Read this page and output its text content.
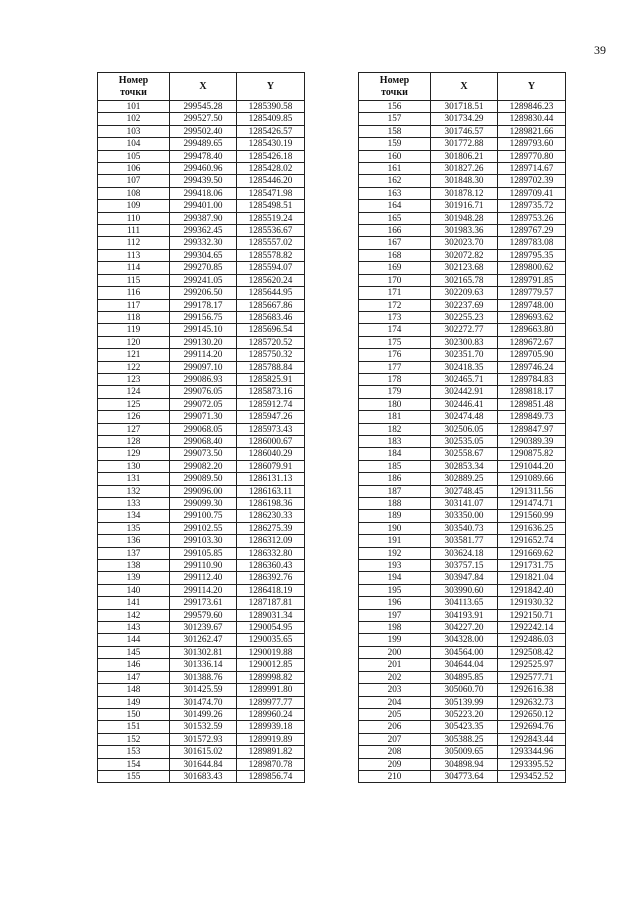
39
Номер
точки	X	Y
101	299545.28	1285390.58
102	299527.50	1285409.85
103	299502.40	1285426.57
104	299489.65	1285430.19
105	299478.40	1285426.18
106	299460.96	1285428.02
107	299439.50	1285446.20
108	299418.06	1285471.98
109	299401.00	1285498.51
110	299387.90	1285519.24
111	299362.45	1285536.67
112	299332.30	1285557.02
113	299304.65	1285578.82
114	299270.85	1285594.07
115	299241.05	1285620.24
116	299206.50	1285644.95
117	299178.17	1285667.86
118	299156.75	1285683.46
119	299145.10	1285696.54
120	299130.20	1285720.52
121	299114.20	1285750.32
122	299097.10	1285788.84
123	299086.93	1285825.91
124	299076.05	1285873.16
125	299072.05	1285912.74
126	299071.30	1285947.26
127	299068.05	1285973.43
128	299068.40	1286000.67
129	299073.50	1286040.29
130	299082.20	1286079.91
131	299089.50	1286131.13
132	299096.00	1286163.11
133	299099.30	1286198.36
134	299100.75	1286230.33
135	299102.55	1286275.39
136	299103.30	1286312.09
137	299105.85	1286332.80
138	299110.90	1286360.43
139	299112.40	1286392.76
140	299114.20	1286418.19
141	299173.61	1287187.81
142	299579.60	1289031.34
143	301239.67	1290054.95
144	301262.47	1290035.65
145	301302.81	1290019.88
146	301336.14	1290012.85
147	301388.76	1289998.82
148	301425.59	1289991.80
149	301474.70	1289977.77
150	301499.26	1289960.24
151	301532.59	1289939.18
152	301572.93	1289919.89
153	301615.02	1289891.82
154	301644.84	1289870.78
155	301683.43	1289856.74
Номер
точки	X	Y
156	301718.51	1289846.23
157	301734.29	1289830.44
158	301746.57	1289821.66
159	301772.88	1289793.60
160	301806.21	1289770.80
161	301827.26	1289714.67
162	301848.30	1289702.39
163	301878.12	1289709.41
164	301916.71	1289735.72
165	301948.28	1289753.26
166	301983.36	1289767.29
167	302023.70	1289783.08
168	302072.82	1289795.35
169	302123.68	1289800.62
170	302165.78	1289791.85
171	302209.63	1289779.57
172	302237.69	1289748.00
173	302255.23	1289693.62
174	302272.77	1289663.80
175	302300.83	1289672.67
176	302351.70	1289705.90
177	302418.35	1289746.24
178	302465.71	1289784.83
179	302442.91	1289818.17
180	302446.41	1289851.48
181	302474.48	1289849.73
182	302506.05	1289847.97
183	302535.05	1290389.39
184	302558.67	1290875.82
185	302853.34	1291044.20
186	302889.25	1291089.66
187	302748.45	1291311.56
188	303141.07	1291474.71
189	303350.00	1291560.99
190	303540.73	1291636.25
191	303581.77	1291652.74
192	303624.18	1291669.62
193	303757.15	1291731.75
194	303947.84	1291821.04
195	303990.60	1291842.40
196	304113.65	1291930.32
197	304193.91	1292150.71
198	304227.20	1292242.14
199	304328.00	1292486.03
200	304564.00	1292508.42
201	304644.04	1292525.97
202	304895.85	1292577.71
203	305060.70	1292616.38
204	305139.99	1292632.73
205	305223.20	1292650.12
206	305423.35	1292694.76
207	305388.25	1292843.44
208	305009.65	1293344.96
209	304898.94	1293395.52
210	304773.64	1293452.52
